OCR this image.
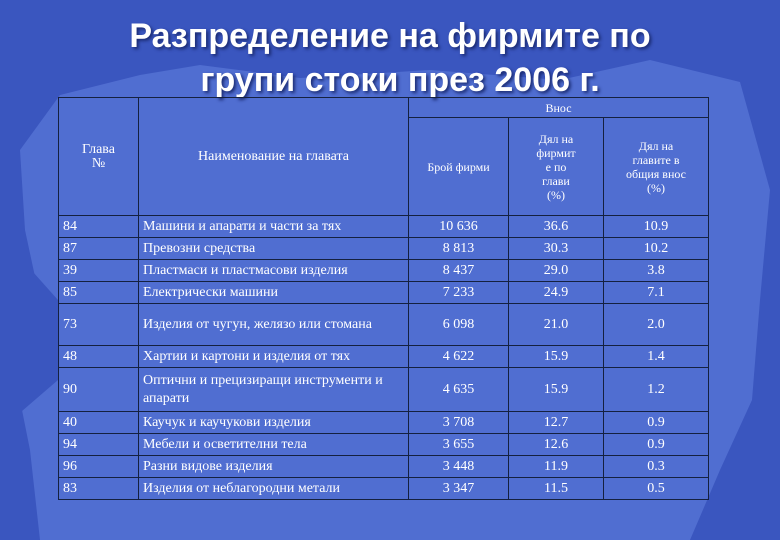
Разпределение на фирмите по
групи стоки през 2006 г.
Глава №	Наименование на главата	Внос		
		Брой фирми	Дял на фирмит е по глави (%)	Дял на главите в общия внос (%)
84	Машини и апарати и части за тях	10 636	36.6	10.9
87	Превозни средства	8 813	30.3	10.2
39	Пластмаси и пластмасови изделия	8 437	29.0	3.8
85	Електрически машини	7 233	24.9	7.1
73	Изделия от чугун, желязо или стомана	6 098	21.0	2.0
48	Хартии и картони и изделия от тях	4 622	15.9	1.4
90	Оптични и прецизиращи инструменти и апарати	4 635	15.9	1.2
40	Каучук и каучукови изделия	3 708	12.7	0.9
94	Мебели и осветителни тела	3 655	12.6	0.9
96	Разни видове изделия	3 448	11.9	0.3
83	Изделия от неблагородни метали	3 347	11.5	0.5
